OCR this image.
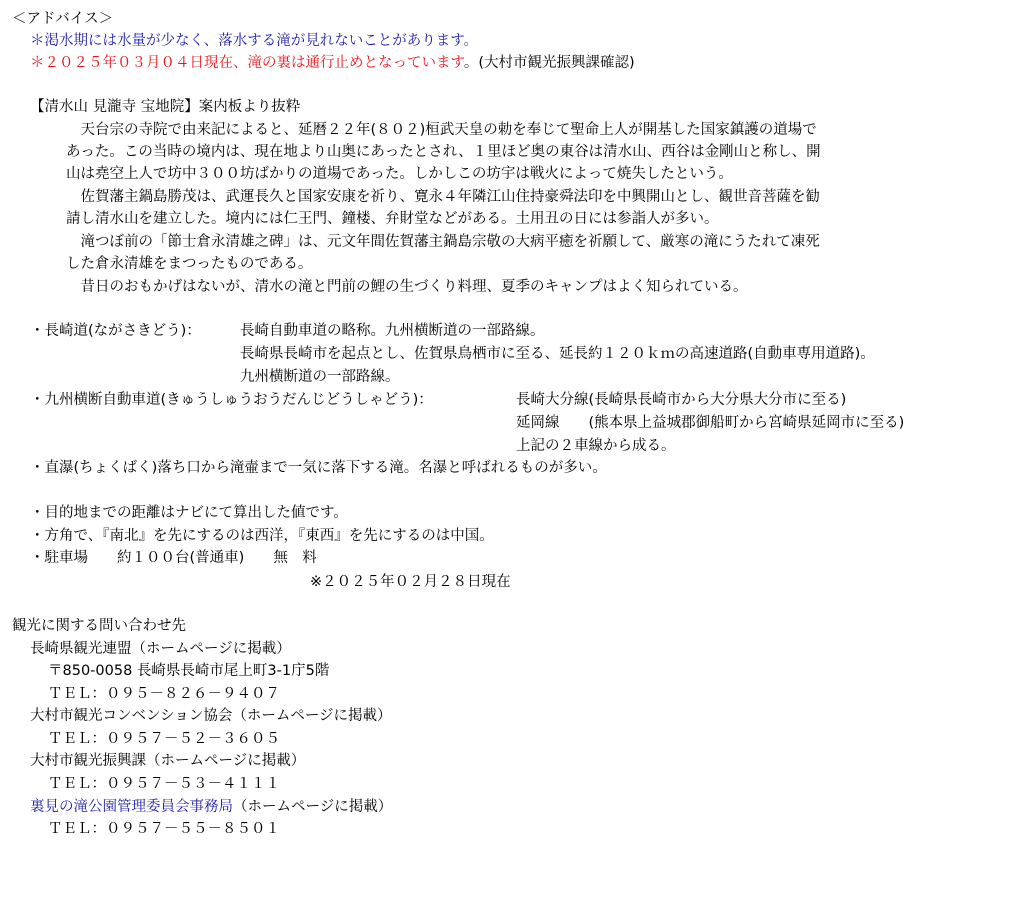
＜アドバイス＞
＊渇水期には水量が少なく、落水する滝が見れないことがあります。
＊２０２５年０３月０４日現在、滝の裏は通行止めとなっています。(大村市観光振興課確認)
【清水山 見瀧寺 宝地院】案内板より抜粋
　天台宗の寺院で由来記によると、延暦２２年(８０２)桓武天皇の勅を奉じて聖命上人が開基した国家鎮護の道場で
あった。この当時の境内は、現在地より山奥にあったとされ、１里ほど奥の東谷は清水山、西谷は金剛山と称し、開
山は堯空上人で坊中３００坊ばかりの道場であった。しかしこの坊宇は戦火によって焼失したという。
　佐賀藩主鍋島勝茂は、武運長久と国家安康を祈り、寛永４年隣江山住持豪舜法印を中興開山とし、観世音菩薩を勧
請し清水山を建立した。境内には仁王門、鐘楼、弁財堂などがある。土用丑の日には参詣人が多い。
　滝つぼ前の「節士倉永清雄之碑」は、元文年間佐賀藩主鍋島宗敬の大病平癒を祈願して、厳寒の滝にうたれて凍死
した倉永清雄をまつったものである。
　昔日のおもかげはないが、清水の滝と門前の鯉の生づくり料理、夏季のキャンプはよく知られている。
・長崎道(ながさきどう)：	長崎自動車道の略称。九州横断道の一部路線。
長崎県長崎市を起点とし、佐賀県鳥栖市に至る、延長約１２０ｋｍの高速道路(自動車専用道路)。
九州横断道の一部路線。
・九州横断自動車道(きゅうしゅうおうだんじどうしゃどう)：	長崎大分線(長崎県長崎市から大分県大分市に至る)
延岡線　　(熊本県上益城郡御船町から宮崎県延岡市に至る)
上記の２車線から成る。
・直瀑(ちょくばく)落ち口から滝壷まで一気に落下する滝。名瀑と呼ばれるものが多い。
・目的地までの距離はナビにて算出した値です。
・方角で、『南北』を先にするのは西洋，『東西』を先にするのは中国。
・駐車場　　約１００台(普通車)　　無　料
※２０２５年０２月２８日現在
観光に関する問い合わせ先
長崎県観光連盟（ホームページに掲載）
〒850-0058 長崎県長崎市尾上町3-1庁5階
ＴＥＬ：０９５－８２６－９４０７
大村市観光コンベンション協会（ホームページに掲載）
ＴＥＬ：０９５７－５２－３６０５
大村市観光振興課（ホームページに掲載）
ＴＥＬ：０９５７－５３－４１１１
裏見の滝公園管理委員会事務局（ホームページに掲載）
ＴＥＬ：０９５７－５５－８５０１
